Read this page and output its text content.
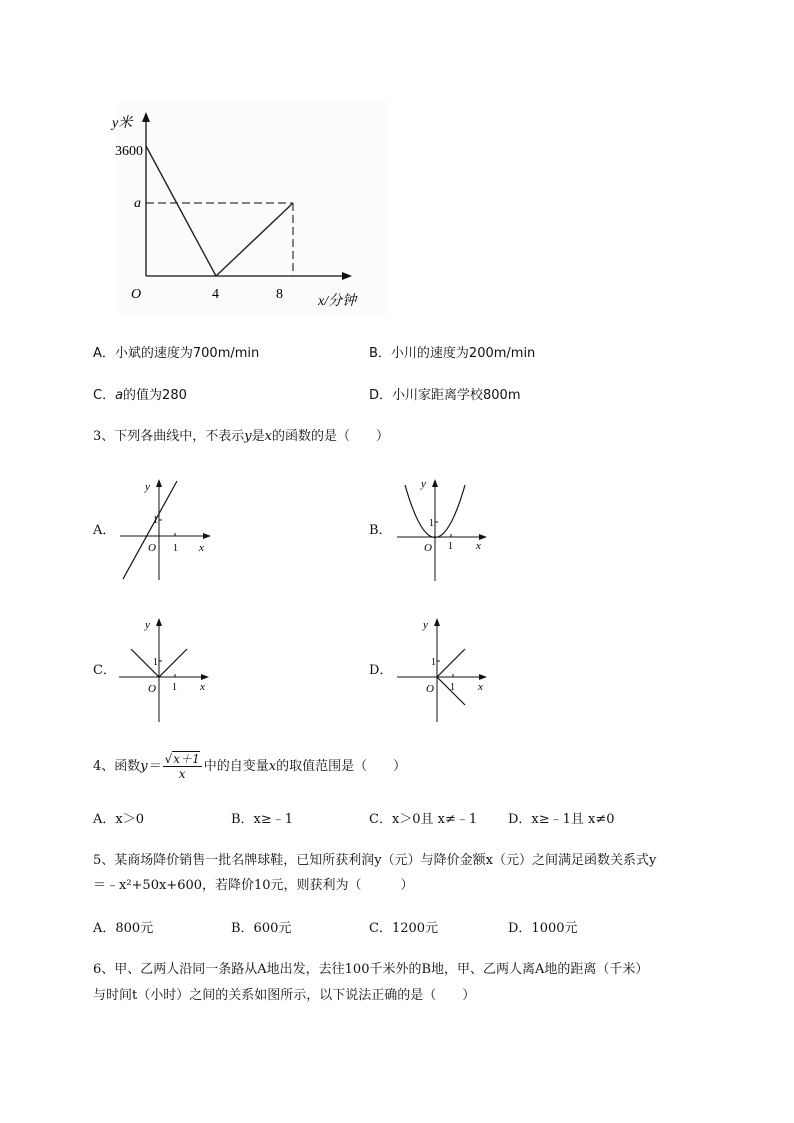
y米
3600
a
O	4	8	x/分钟
A．小斌的速度为700m/min	B．小川的速度为200m/min
C．a的值为280	D．小川家距离学校800m
3、下列各曲线中，不表示y是x的函数的是（　　）
A．	B．
C．	D．
y
x
O 1
1
y
x
O 1
1
y
x
O 1
1
y
x
O 1
1
4、函数$y= \frac{√x+1}{x}$ 中的自变量x的取值范围是（　　）
A．x＞0	B．x≥﹣1	C．x＞0且 x≠﹣1 D．x≥﹣1且 x≠0
5、某商场降价销售一批名牌球鞋，已知所获利润y（元）与降价金额x（元）之间满足函数关系式y
＝﹣x²+50x+600，若降价10元，则获利为（　　　）
A．800元	B．600元	C．1200元	D．1000元
6、甲、乙两人沿同一条路从A地出发，去往100千米外的B地，甲、乙两人离A地的距离（千米）
与时间t（小时）之间的关系如图所示，以下说法正确的是（　　）
